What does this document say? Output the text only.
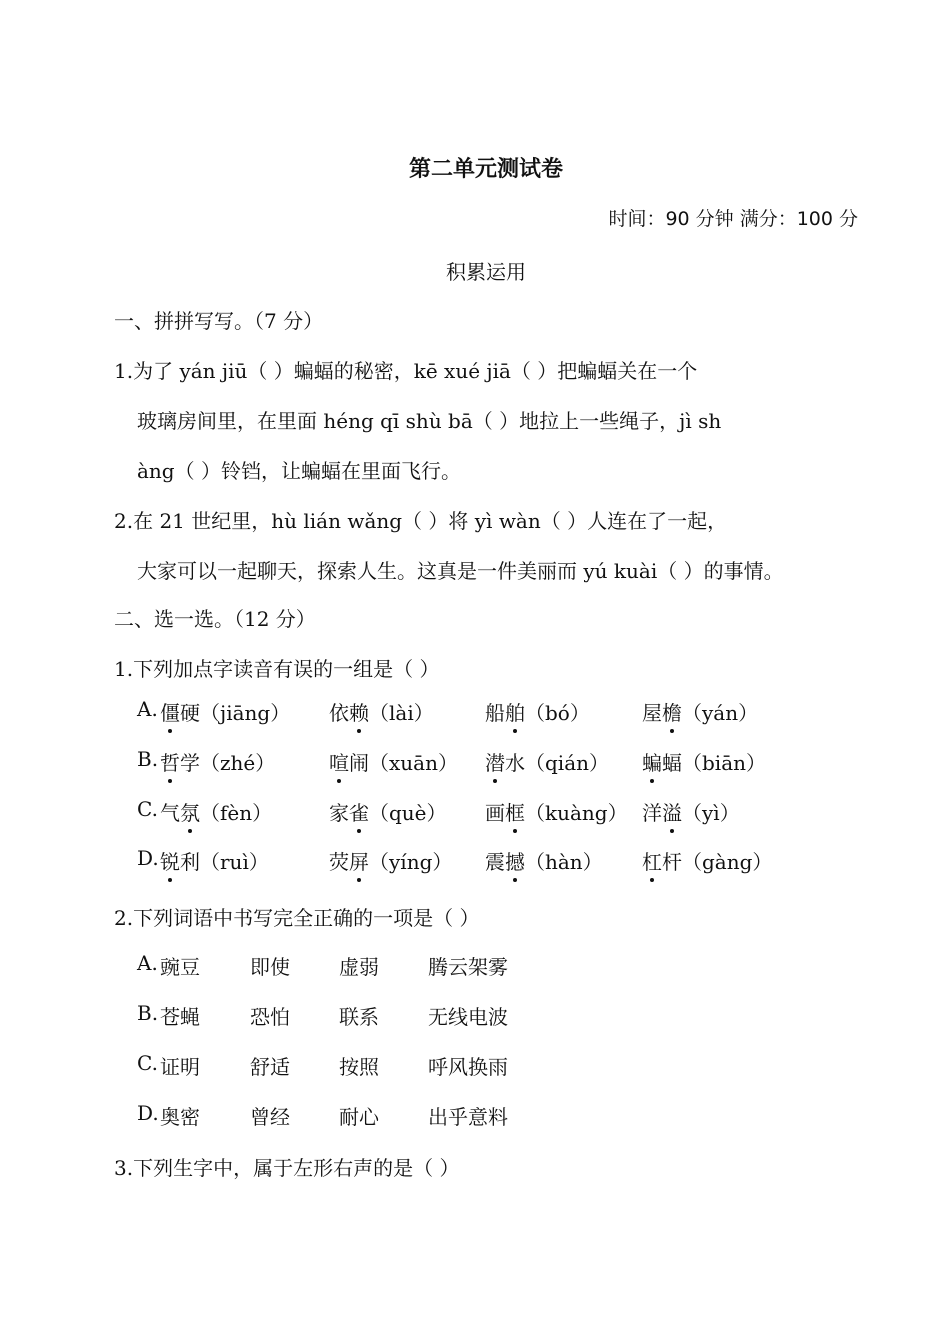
第二单元测试卷
时间：90 分钟 满分：100 分
积累运用
一、拼拼写写。（7 分）
1.为了 yán jiū（ ）蝙蝠的秘密，kē xué jiā（ ）把蝙蝠关在一个
玻璃房间里，在里面 héng qī shù bā（ ）地拉上一些绳子，jì sh
àng（ ）铃铛，让蝙蝠在里面飞行。
2.在 21 世纪里，hù lián wǎng（ ）将 yì wàn（ ）人连在了一起，
大家可以一起聊天，探索人生。这真是一件美丽而 yú kuài（ ）的事情。
二、选一选。（12 分）
1.下列加点字读音有误的一组是（ ）
A. 僵硬（jiāng） 依赖（lài）	船舶（bó）	屋檐（yán）
B. 哲学（zhé）	喧闹（xuān） 潜水（qián） 蝙蝠（biān）
C. 气氛（fèn）	家雀（què） 画框（kuàng） 洋溢（yì）
D. 锐利（ruì）	荧屏（yíng） 震撼（hàn） 杠杆（gàng）
2.下列词语中书写完全正确的一项是（ ）
A. 豌豆	即使 虚弱 腾云架雾
B. 苍蝇	恐怕 联系 无线电波
C. 证明	舒适 按照 呼风换雨
D. 奥密	曾经 耐心 出乎意料
3.下列生字中，属于左形右声的是（ ）
